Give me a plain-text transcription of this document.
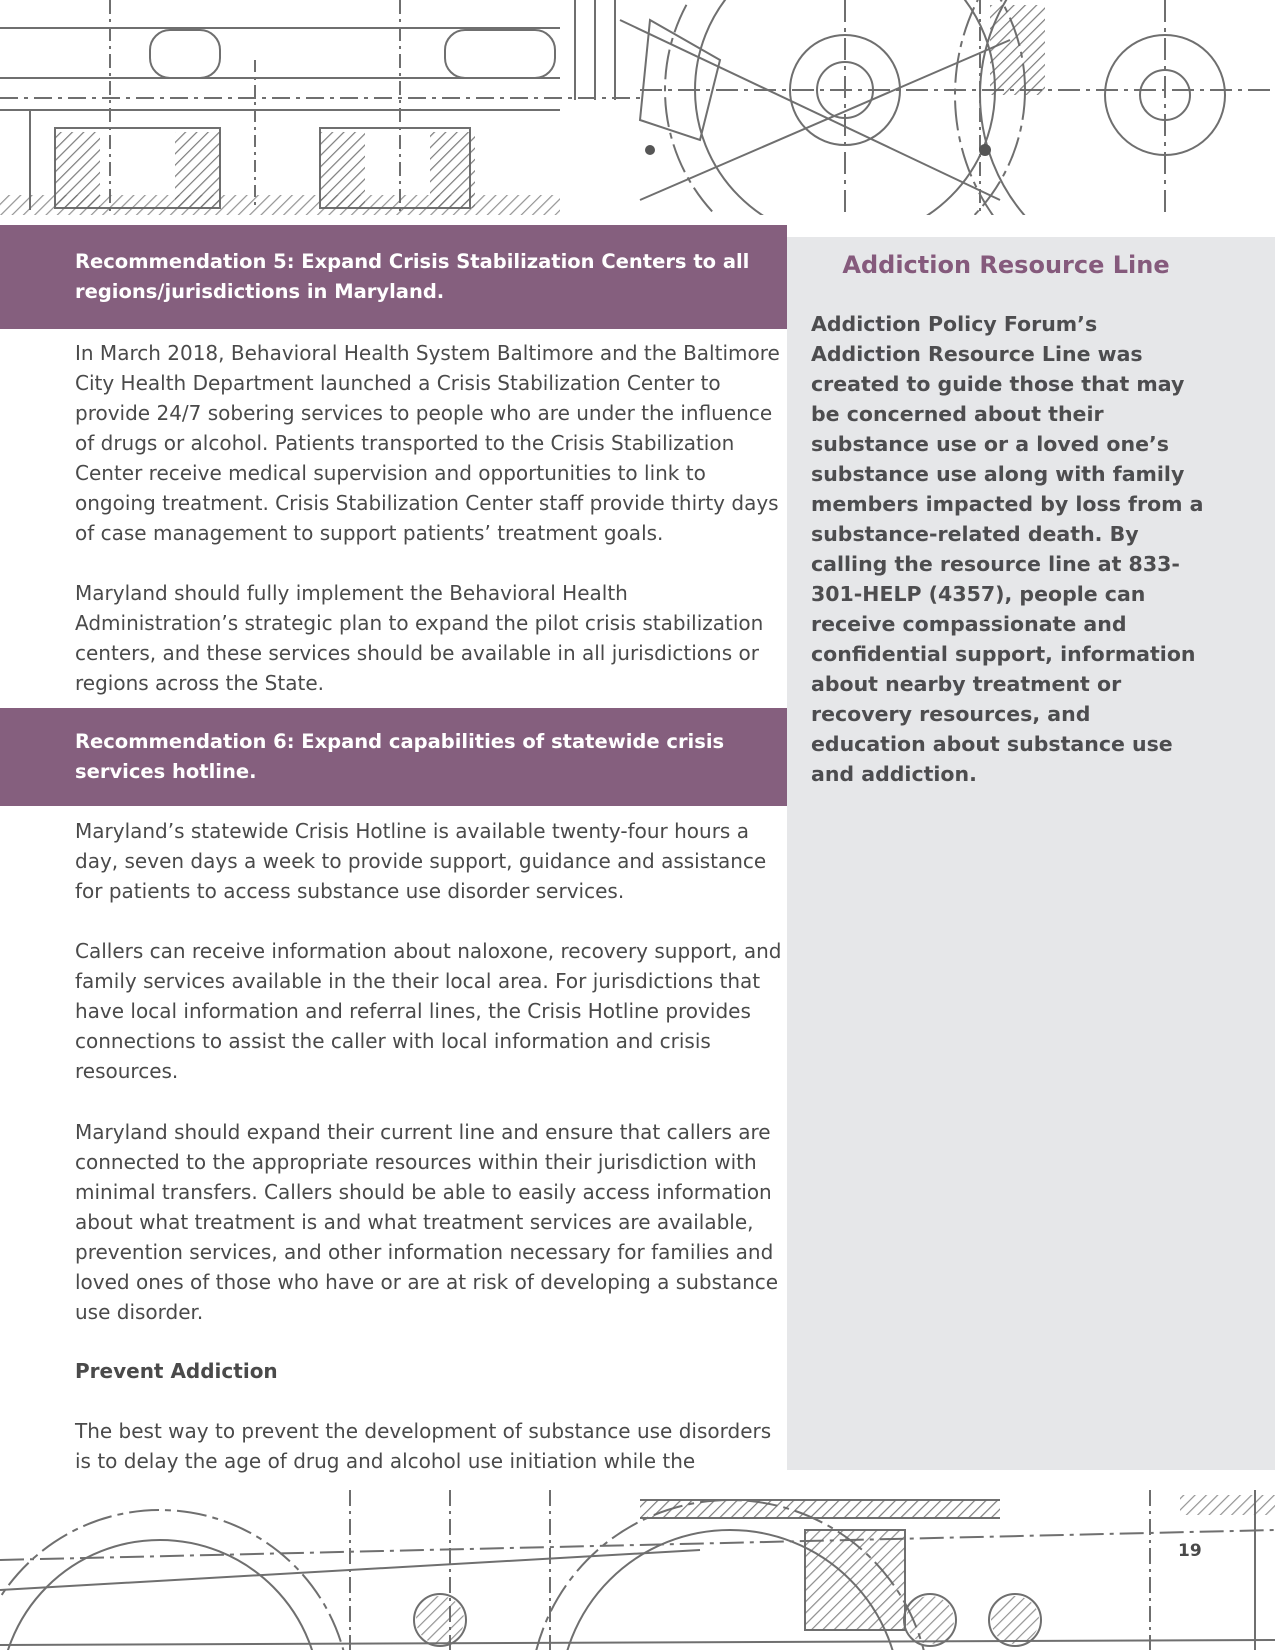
Addiction Resource Line

Addiction Policy Forum’s Addiction Resource Line was created to guide those that may be concerned about their substance use or a loved one’s substance use along with family members impacted by loss from a substance-related death. By calling the resource line at 833-301-HELP (4357), people can receive compassionate and confidential support, information about nearby treatment or recovery resources, and education about substance use and addiction.

Recommendation 5: Expand Crisis Stabilization Centers to all regions/jurisdictions in Maryland.

In March 2018, Behavioral Health System Baltimore and the Baltimore City Health Department launched a Crisis Stabilization Center to provide 24/7 sobering services to people who are under the influence of drugs or alcohol. Patients transported to the Crisis Stabilization Center receive medical supervision and opportunities to link to ongoing treatment. Crisis Stabilization Center staff provide thirty days of case management to support patients’ treatment goals.

Maryland should fully implement the Behavioral Health Administration’s strategic plan to expand the pilot crisis stabilization centers, and these services should be available in all jurisdictions or regions across the State.

Recommendation 6: Expand capabilities of statewide crisis services hotline.

Maryland’s statewide Crisis Hotline is available twenty-four hours a day, seven days a week to provide support, guidance and assistance for patients to access substance use disorder services.

Callers can receive information about naloxone, recovery support, and family services available in the their local area. For jurisdictions that have local information and referral lines, the Crisis Hotline provides connections to assist the caller with local information and crisis resources.

Maryland should expand their current line and ensure that callers are connected to the appropriate resources within their jurisdiction with minimal transfers. Callers should be able to easily access information about what treatment is and what treatment services are available, prevention services, and other information necessary for families and loved ones of those who have or are at risk of developing a substance use disorder.

Prevent Addiction

The best way to prevent the development of substance use disorders is to delay the age of drug and alcohol use initiation while the

19
